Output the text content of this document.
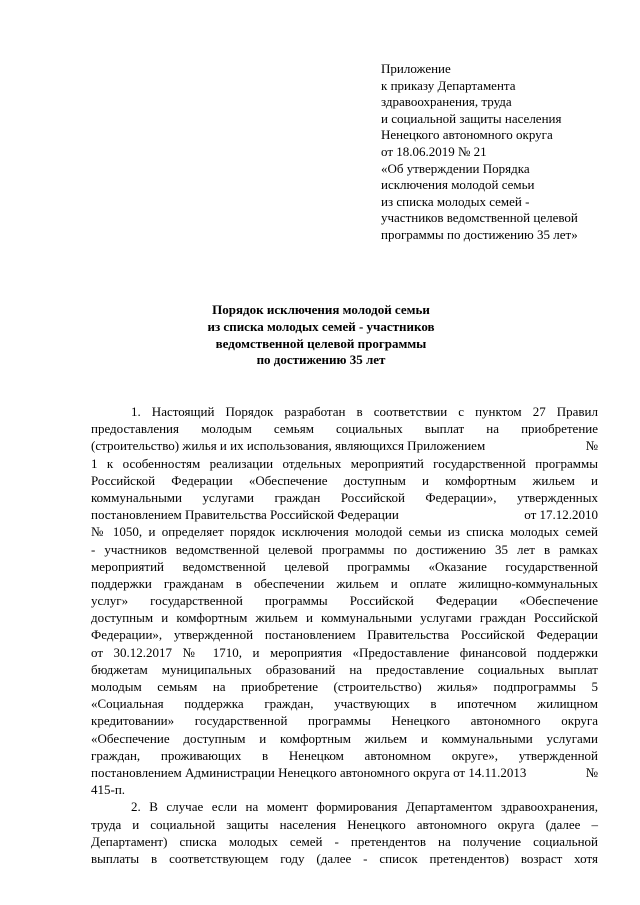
Приложение
к приказу Департамента
здравоохранения, труда
и социальной защиты населения
Ненецкого автономного округа
от 18.06.2019 № 21
«Об утверждении Порядка
исключения молодой семьи
из списка молодых семей -
участников ведомственной целевой
программы по достижению 35 лет»
Порядок исключения молодой семьи
из списка молодых семей - участников
ведомственной целевой программы
по достижению 35 лет
1. Настоящий Порядок разработан в соответствии с пунктом 27 Правил
предоставления молодым семьям социальных выплат на приобретение
(строительство) жилья и их использования, являющихся Приложением	№
1 к особенностям реализации отдельных мероприятий государственной программы
Российской Федерации «Обеспечение доступным и комфортным жильем и
коммунальными услугами граждан Российской Федерации», утвержденных
постановлением Правительства Российской Федерации	от 17.12.2010
№ 1050, и определяет порядок исключения молодой семьи из списка молодых семей
- участников ведомственной целевой программы по достижению 35 лет в рамках
мероприятий ведомственной целевой программы «Оказание государственной
поддержки гражданам в обеспечении жильем и оплате жилищно-коммунальных
услуг» государственной программы Российской Федерации «Обеспечение
доступным и комфортным жильем и коммунальными услугами граждан Российской
Федерации», утвержденной постановлением Правительства Российской Федерации
от 30.12.2017 № 1710, и мероприятия «Предоставление финансовой поддержки
бюджетам муниципальных образований на предоставление социальных выплат
молодым семьям на приобретение (строительство) жилья» подпрограммы 5
«Социальная поддержка граждан, участвующих в ипотечном жилищном
кредитовании» государственной программы Ненецкого автономного округа
«Обеспечение доступным и комфортным жильем и коммунальными услугами
граждан, проживающих в Ненецком автономном округе», утвержденной
постановлением Администрации Ненецкого автономного округа от 14.11.2013	№
415-п.
2. В случае если на момент формирования Департаментом здравоохранения,
труда и социальной защиты населения Ненецкого автономного округа (далее –
Департамент) списка молодых семей - претендентов на получение социальной
выплаты в соответствующем году (далее - список претендентов) возраст хотя
